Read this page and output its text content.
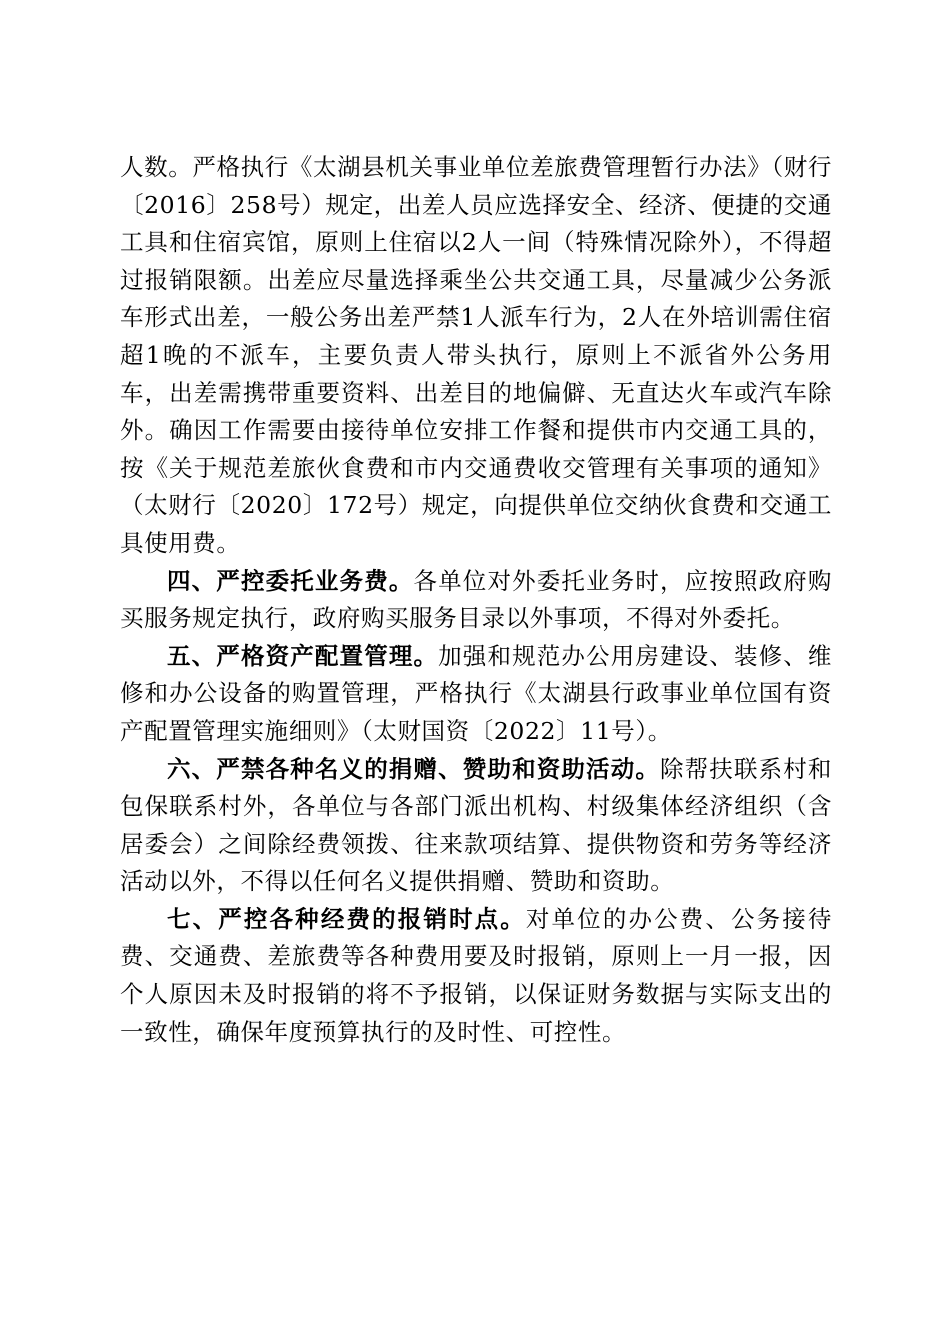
人数。严格执行《太湖县机关事业单位差旅费管理暂行办法》（财行〔2016〕258号）规定，出差人员应选择安全、经济、便捷的交通工具和住宿宾馆，原则上住宿以2人一间（特殊情况除外），不得超过报销限额。出差应尽量选择乘坐公共交通工具，尽量减少公务派车形式出差，一般公务出差严禁1人派车行为，2人在外培训需住宿超1晚的不派车，主要负责人带头执行，原则上不派省外公务用车，出差需携带重要资料、出差目的地偏僻、无直达火车或汽车除外。确因工作需要由接待单位安排工作餐和提供市内交通工具的，按《关于规范差旅伙食费和市内交通费收交管理有关事项的通知》（太财行〔2020〕172号）规定，向提供单位交纳伙食费和交通工具使用费。

四、严控委托业务费。各单位对外委托业务时，应按照政府购买服务规定执行，政府购买服务目录以外事项，不得对外委托。

五、严格资产配置管理。加强和规范办公用房建设、装修、维修和办公设备的购置管理，严格执行《太湖县行政事业单位国有资产配置管理实施细则》（太财国资〔2022〕11号）。

六、严禁各种名义的捐赠、赞助和资助活动。除帮扶联系村和包保联系村外，各单位与各部门派出机构、村级集体经济组织（含居委会）之间除经费领拨、往来款项结算、提供物资和劳务等经济活动以外，不得以任何名义提供捐赠、赞助和资助。

七、严控各种经费的报销时点。对单位的办公费、公务接待费、交通费、差旅费等各种费用要及时报销，原则上一月一报，因个人原因未及时报销的将不予报销，以保证财务数据与实际支出的一致性，确保年度预算执行的及时性、可控性。
